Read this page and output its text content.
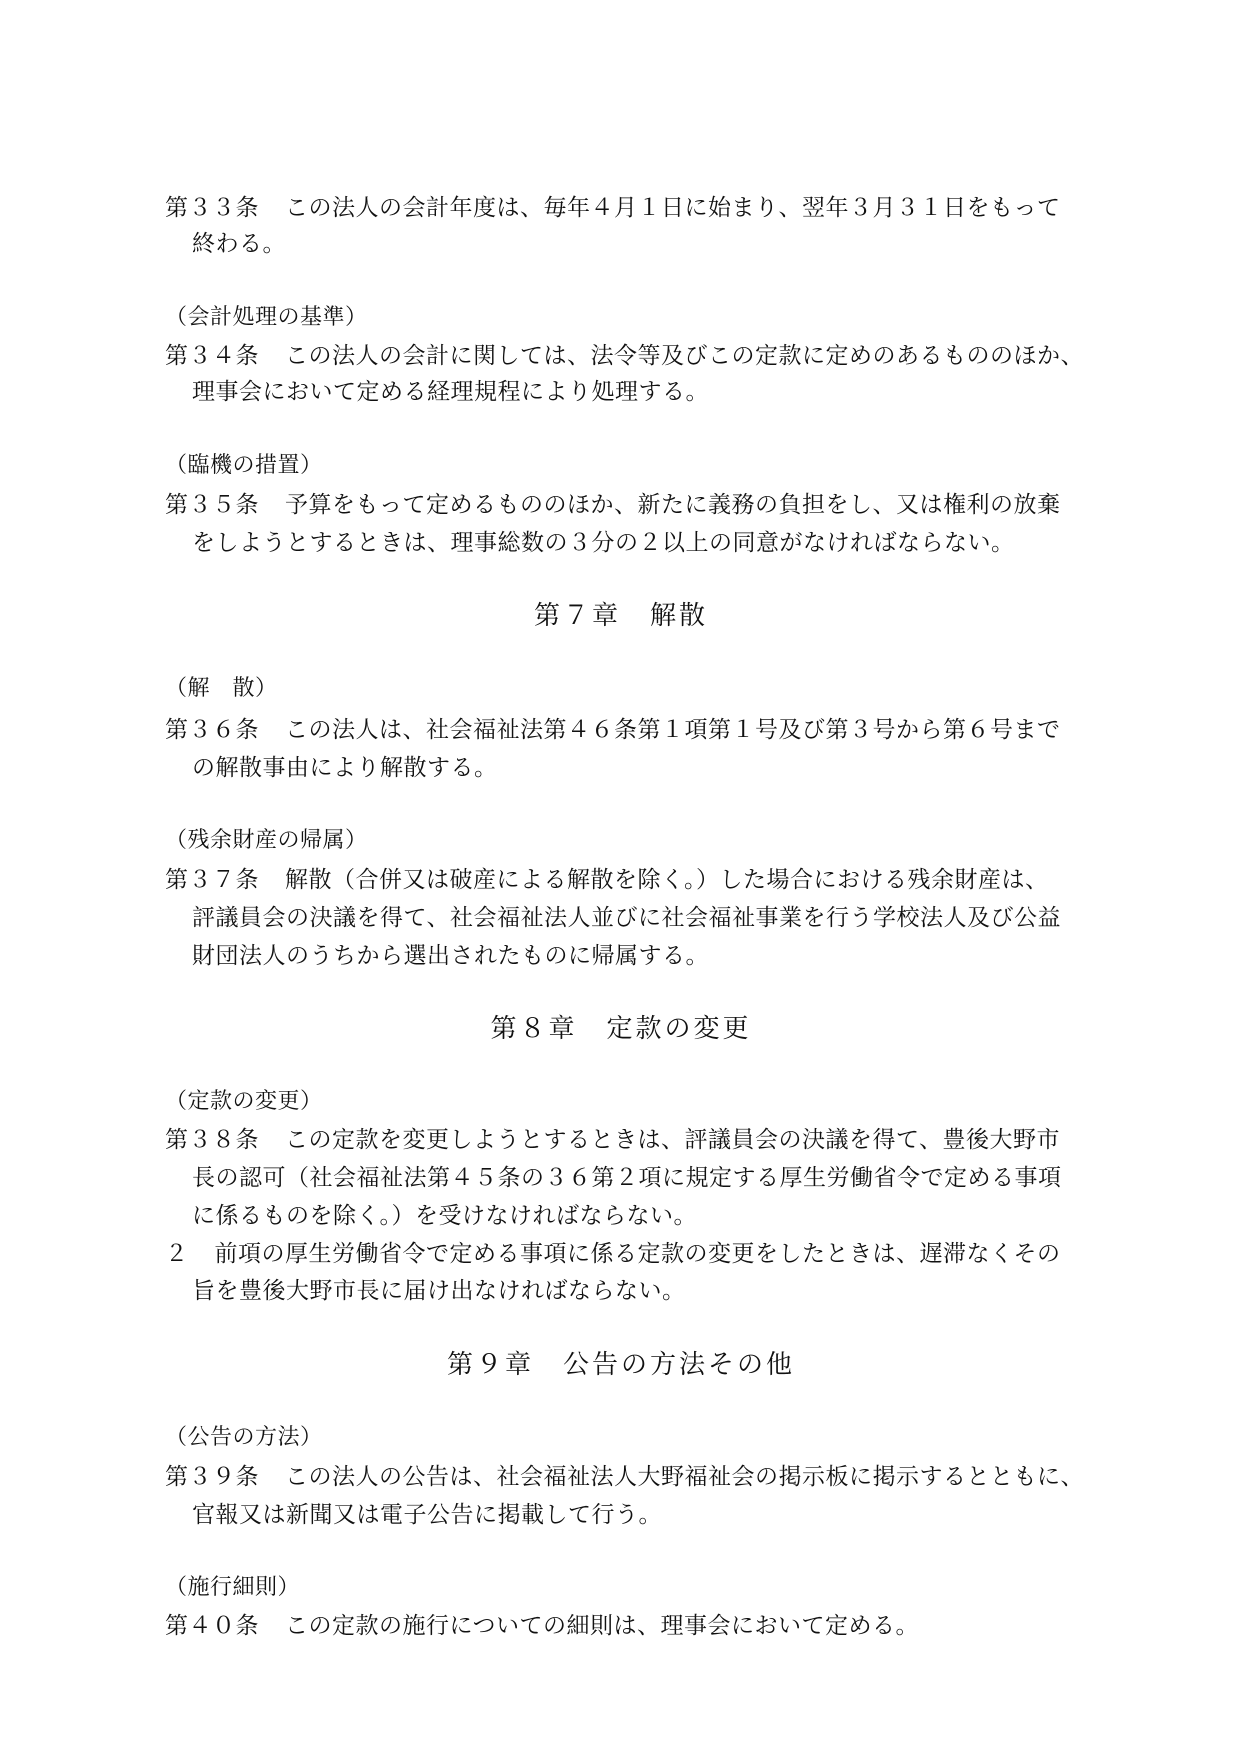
第３３条 この法人の会計年度は、毎年４月１日に始まり、翌年３月３１日をもって
終わる。
（会計処理の基準）
第３４条 この法人の会計に関しては、法令等及びこの定款に定めのあるもののほか、
理事会において定める経理規程により処理する。
（臨機の措置）
第３５条 予算をもって定めるもののほか、新たに義務の負担をし、又は権利の放棄
をしようとするときは、理事総数の３分の２以上の同意がなければならない。
第７章　解散
（解　散）
第３６条 この法人は、社会福祉法第４６条第１項第１号及び第３号から第６号まで
の解散事由により解散する。
（残余財産の帰属）
第３７条 解散（合併又は破産による解散を除く。）した場合における残余財産は、
評議員会の決議を得て、社会福祉法人並びに社会福祉事業を行う学校法人及び公益
財団法人のうちから選出されたものに帰属する。
第８章　定款の変更
（定款の変更）
第３８条 この定款を変更しようとするときは、評議員会の決議を得て、豊後大野市
長の認可（社会福祉法第４５条の３６第２項に規定する厚生労働省令で定める事項
に係るものを除く。）を受けなければならない。
２ 前項の厚生労働省令で定める事項に係る定款の変更をしたときは、遅滞なくその
旨を豊後大野市長に届け出なければならない。
第９章　公告の方法その他
（公告の方法）
第３９条 この法人の公告は、社会福祉法人大野福祉会の掲示板に掲示するとともに、
官報又は新聞又は電子公告に掲載して行う。
（施行細則）
第４０条 この定款の施行についての細則は、理事会において定める。
